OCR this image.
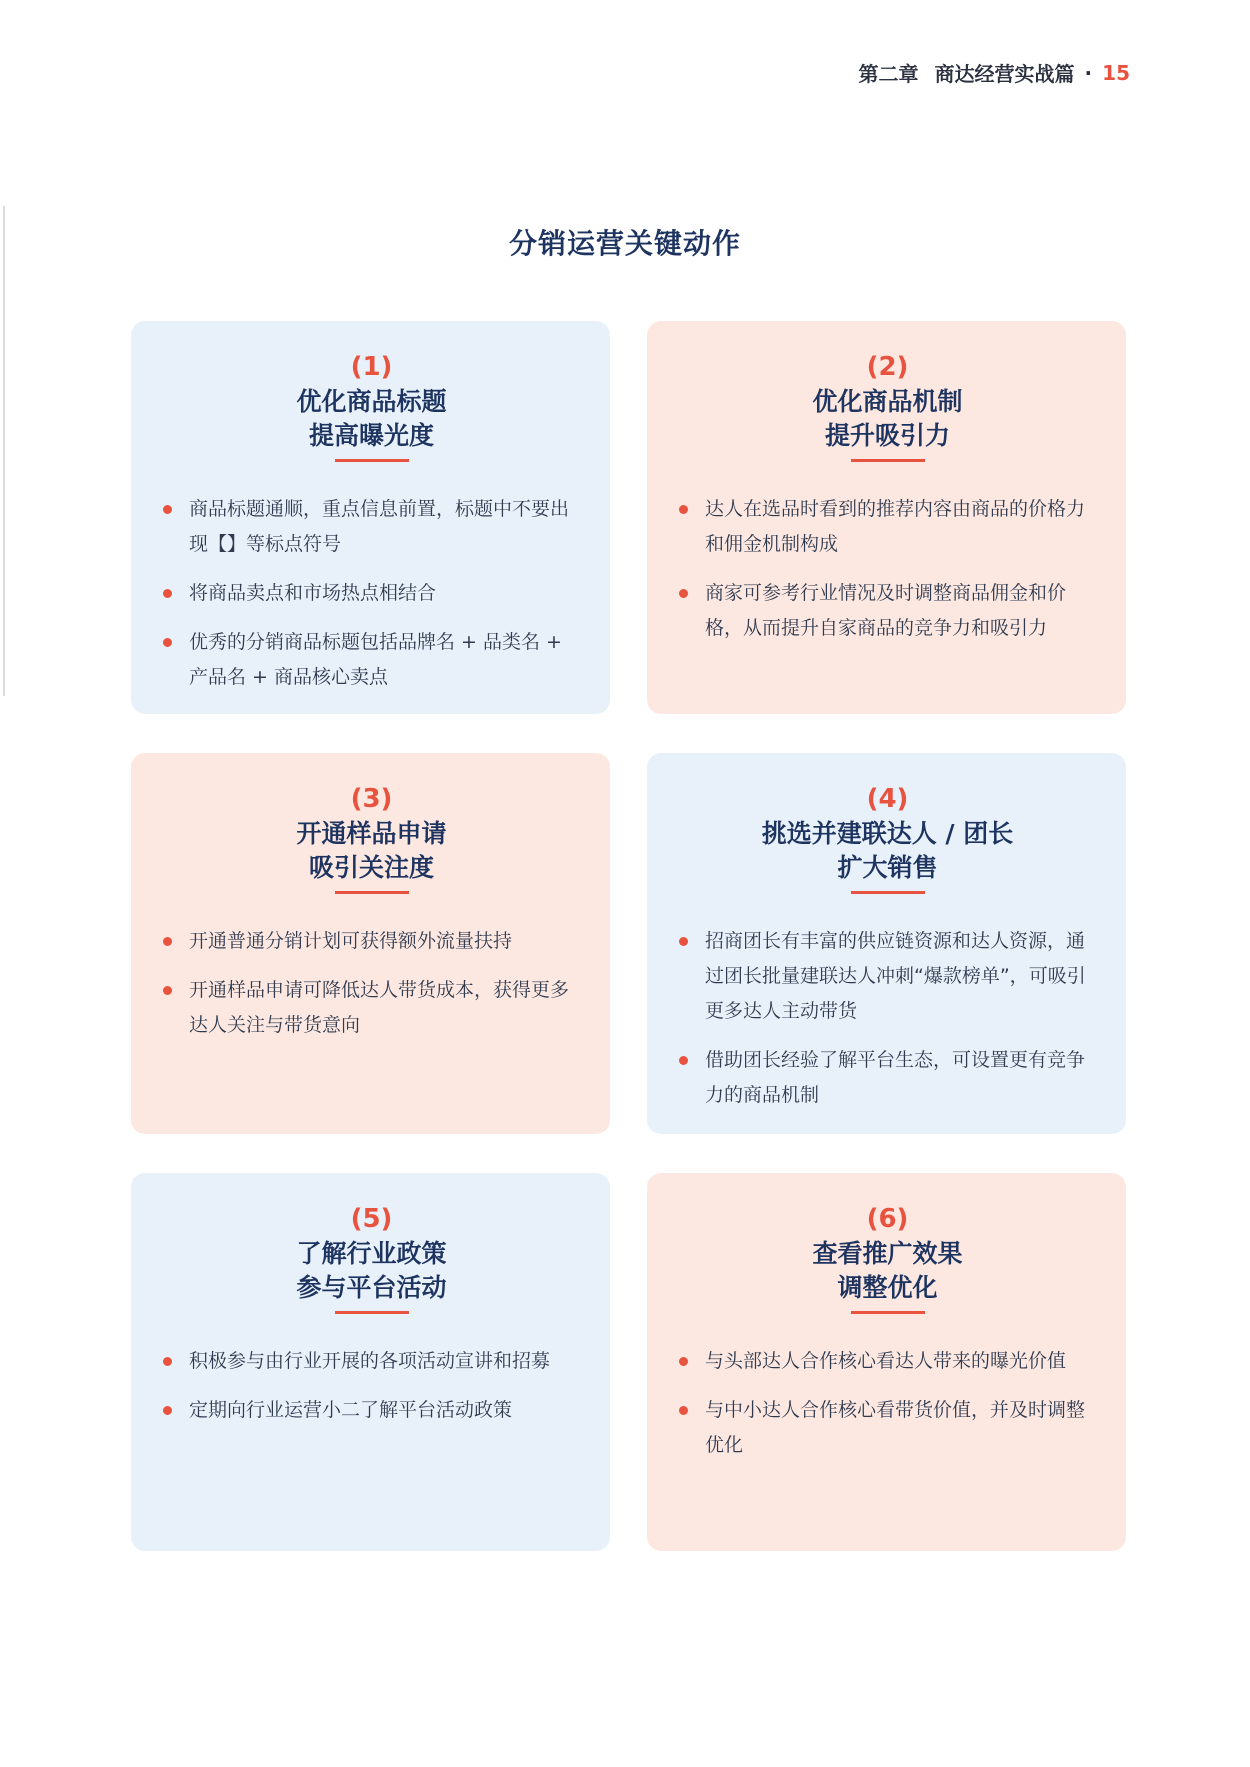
第二章 商达经营实战篇 · 15
分销运营关键动作
(1)
优化商品标题
提高曝光度
商品标题通顺，重点信息前置，标题中不要出现【】等标点符号
将商品卖点和市场热点相结合
优秀的分销商品标题包括品牌名 + 品类名 + 产品名 + 商品核心卖点
(2)
优化商品机制
提升吸引力
达人在选品时看到的推荐内容由商品的价格力和佣金机制构成
商家可参考行业情况及时调整商品佣金和价格，从而提升自家商品的竞争力和吸引力
(3)
开通样品申请
吸引关注度
开通普通分销计划可获得额外流量扶持
开通样品申请可降低达人带货成本，获得更多达人关注与带货意向
(4)
挑选并建联达人 / 团长
扩大销售
招商团长有丰富的供应链资源和达人资源，通过团长批量建联达人冲刺“爆款榜单”，可吸引更多达人主动带货
借助团长经验了解平台生态，可设置更有竞争力的商品机制
(5)
了解行业政策
参与平台活动
积极参与由行业开展的各项活动宣讲和招募
定期向行业运营小二了解平台活动政策
(6)
查看推广效果
调整优化
与头部达人合作核心看达人带来的曝光价值
与中小达人合作核心看带货价值，并及时调整优化
